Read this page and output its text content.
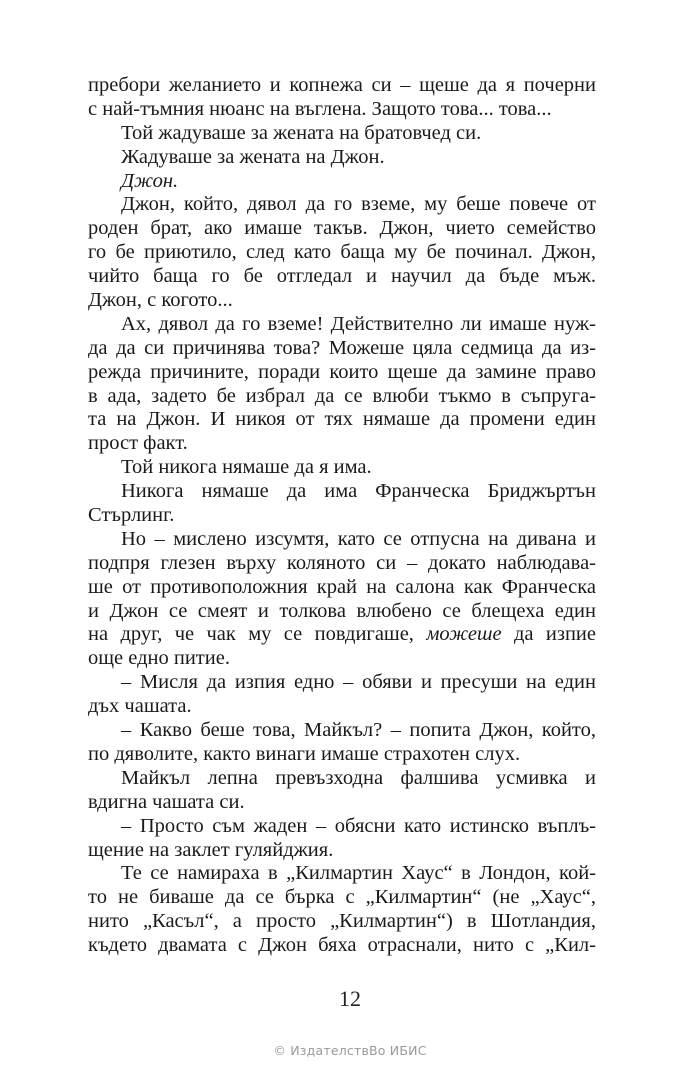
пребори желанието и копнежа си – щеше да я почерни
с най-тъмния нюанс на въглена. Защото това... това...
Той жадуваше за жената на братовчед си.
Жадуваше за жената на Джон.
Джон.
Джон, който, дявол да го вземе, му беше повече от
роден брат, ако имаше такъв. Джон, чието семейство
го бе приютило, след като баща му бе починал. Джон,
чийто баща го бе отгледал и научил да бъде мъж.
Джон, с когото...
Ах, дявол да го вземе! Действително ли имаше нуж-
да да си причинява това? Можеше цяла седмица да из-
режда причините, поради които щеше да замине право
в ада, задето бе избрал да се влюби тъкмо в съпруга-
та на Джон. И никоя от тях нямаше да промени един
прост факт.
Той никога нямаше да я има.
Никога нямаше да има Франческа Бриджъртън
Стърлинг.
Но – мислено изсумтя, като се отпусна на дивана и
подпря глезен върху коляното си – докато наблюдава-
ше от противоположния край на салона как Франческа
и Джон се смеят и толкова влюбено се блещеха един
на друг, че чак му се повдигаше, можеше да изпие
още едно питие.
– Мисля да изпия едно – обяви и пресуши на един
дъх чашата.
– Какво беше това, Майкъл? – попита Джон, който,
по дяволите, както винаги имаше страхотен слух.
Майкъл лепна превъзходна фалшива усмивка и
вдигна чашата си.
– Просто съм жаден – обясни като истинско въплъ-
щение на заклет гуляйджия.
Те се намираха в „Килмартин Хаус“ в Лондон, кой-
то не биваше да се бърка с „Килмартин“ (не „Хаус“,
нито „Касъл“, а просто „Килмартин“) в Шотландия,
където двамата с Джон бяха отраснали, нито с „Кил-
12
© ИздателствВо ИБИС
